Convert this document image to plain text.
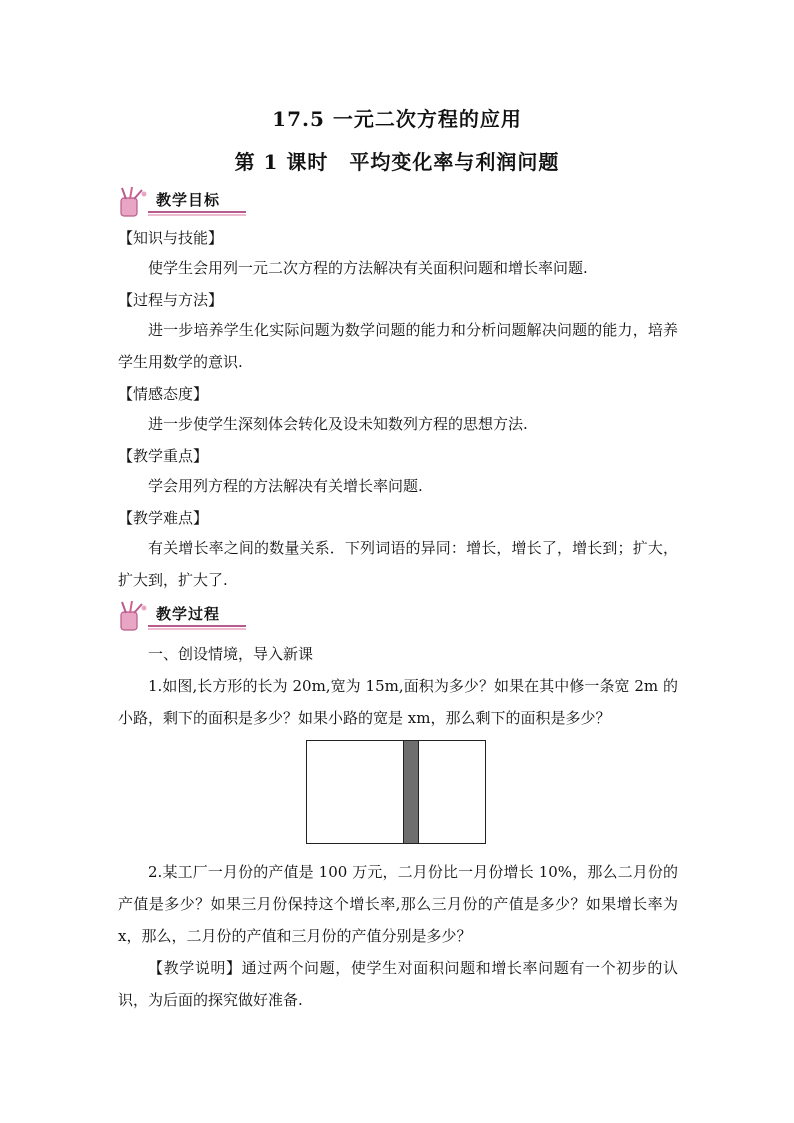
17.5 一元二次方程的应用
第 1 课时　平均变化率与利润问题
教学目标
【知识与技能】
使学生会用列一元二次方程的方法解决有关面积问题和增长率问题.
【过程与方法】
进一步培养学生化实际问题为数学问题的能力和分析问题解决问题的能力，培养学生用数学的意识.
【情感态度】
进一步使学生深刻体会转化及设未知数列方程的思想方法.
【教学重点】
学会用列方程的方法解决有关增长率问题.
【教学难点】
有关增长率之间的数量关系．下列词语的异同：增长，增长了，增长到；扩大，扩大到，扩大了.
教学过程
一、创设情境，导入新课
1.如图,长方形的长为 20m,宽为 15m,面积为多少？如果在其中修一条宽 2m 的小路，剩下的面积是多少？如果小路的宽是 xm，那么剩下的面积是多少？
2.某工厂一月份的产值是 100 万元，二月份比一月份增长 10%，那么二月份的产值是多少？如果三月份保持这个增长率,那么三月份的产值是多少？如果增长率为 x，那么，二月份的产值和三月份的产值分别是多少？
【教学说明】通过两个问题，使学生对面积问题和增长率问题有一个初步的认识，为后面的探究做好准备.
